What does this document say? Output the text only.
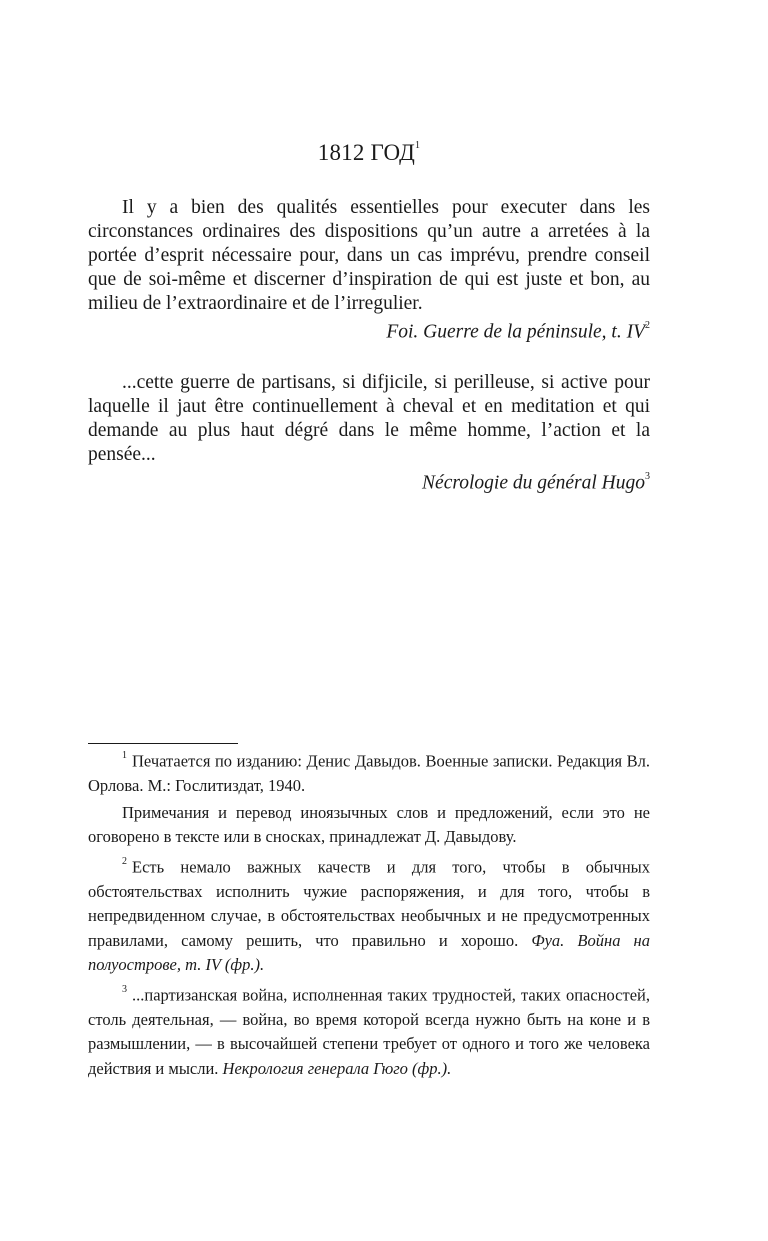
1812 ГОД$^1$

Il y a bien des qualités essentielles pour executer dans les circonstances ordinaires des dispositions qu’un autre a arretées à la portée d’esprit nécessaire pour, dans un cas imprévu, prendre conseil que de soi-même et discerner d’inspiration de qui est juste et bon, au milieu de l’extraordinaire et de l’irregulier.

Foi. Guerre de la péninsule, t. $IV^2$

...cette guerre de partisans, si difjicile, si perilleuse, si active pour laquelle il jaut être continuellement à cheval et en meditation et qui demande au plus haut dégré dans le même homme, l’action et la pensée...

Nécrologie du général Hugo$^3$

$^1$ Печатается по изданию: Денис Давыдов. Военные записки. Редакция Вл. Орлова. М.: Гослитиздат, 1940.

Примечания и перевод иноязычных слов и предложений, если это не оговорено в тексте или в сносках, принадлежат Д. Давыдову.

$^2$ Есть немало важных качеств и для того, чтобы в обычных обстоятельствах исполнить чужие распоряжения, и для того, чтобы в непредвиденном случае, в обстоятельствах необычных и не предусмотренных правилами, самому решить, что правильно и хорошо. Фуа. Война на полуострове, т. IV (фр.).

$^3$ ...партизанская война, исполненная таких трудностей, таких опасностей, столь деятельная, — война, во время которой всегда нужно быть на коне и в размышлении, — в высочайшей степени требует от одного и того же человека действия и мысли. Некрология генерала Гюго (фр.).
